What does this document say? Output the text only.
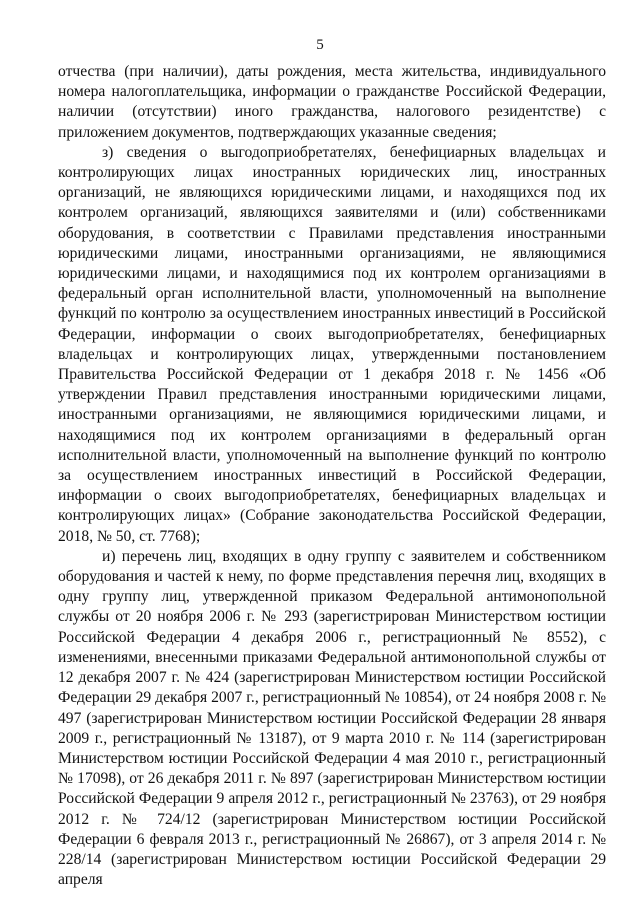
5

отчества (при наличии), даты рождения, места жительства, индивидуального номера налогоплательщика, информации о гражданстве Российской Федерации, наличии (отсутствии) иного гражданства, налогового резидентстве) с приложением документов, подтверждающих указанные сведения;

з) сведения о выгодоприобретателях, бенефициарных владельцах и контролирующих лицах иностранных юридических лиц, иностранных организаций, не являющихся юридическими лицами, и находящихся под их контролем организаций, являющихся заявителями и (или) собственниками оборудования, в соответствии с Правилами представления иностранными юридическими лицами, иностранными организациями, не являющимися юридическими лицами, и находящимися под их контролем организациями в федеральный орган исполнительной власти, уполномоченный на выполнение функций по контролю за осуществлением иностранных инвестиций в Российской Федерации, информации о своих выгодоприобретателях, бенефициарных владельцах и контролирующих лицах, утвержденными постановлением Правительства Российской Федерации от 1 декабря 2018 г. № 1456 «Об утверждении Правил представления иностранными юридическими лицами, иностранными организациями, не являющимися юридическими лицами, и находящимися под их контролем организациями в федеральный орган исполнительной власти, уполномоченный на выполнение функций по контролю за осуществлением иностранных инвестиций в Российской Федерации, информации о своих выгодоприобретателях, бенефициарных владельцах и контролирующих лицах» (Собрание законодательства Российской Федерации, 2018, № 50, ст. 7768);

и) перечень лиц, входящих в одну группу с заявителем и собственником оборудования и частей к нему, по форме представления перечня лиц, входящих в одну группу лиц, утвержденной приказом Федеральной антимонопольной службы от 20 ноября 2006 г. № 293 (зарегистрирован Министерством юстиции Российской Федерации 4 декабря 2006 г., регистрационный № 8552), с изменениями, внесенными приказами Федеральной антимонопольной службы от 12 декабря 2007 г. № 424 (зарегистрирован Министерством юстиции Российской Федерации 29 декабря 2007 г., регистрационный № 10854), от 24 ноября 2008 г. № 497 (зарегистрирован Министерством юстиции Российской Федерации 28 января 2009 г., регистрационный № 13187), от 9 марта 2010 г. № 114 (зарегистрирован Министерством юстиции Российской Федерации 4 мая 2010 г., регистрационный № 17098), от 26 декабря 2011 г. № 897 (зарегистрирован Министерством юстиции Российской Федерации 9 апреля 2012 г., регистрационный № 23763), от 29 ноября 2012 г. № 724/12 (зарегистрирован Министерством юстиции Российской Федерации 6 февраля 2013 г., регистрационный № 26867), от 3 апреля 2014 г. № 228/14 (зарегистрирован Министерством юстиции Российской Федерации 29 апреля
